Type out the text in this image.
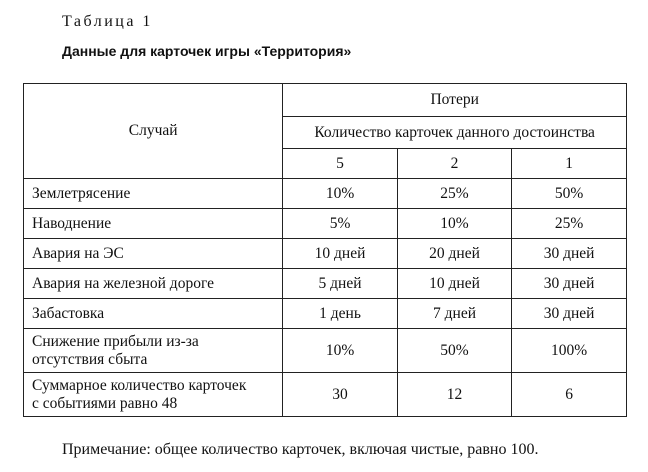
Таблица 1
Данные для карточек игры «Территория»
Случай	Потери		
	Количество карточек данного достоинства		
	5	2	1

Землетрясение	10%	25%	50%

Наводнение	5%	10%	25%

Авария на ЭС	10 дней	20 дней	30 дней

Авария на железной дороге	5 дней	10 дней	30 дней

Забастовка	1 день	7 дней	30 дней

Снижение прибыли из-за
отсутствия сбыта	10%	50%	100%

Суммарное количество карточек
с событиями равно 48	30	12	6
Примечание: общее количество карточек, включая чистые, равно 100.
